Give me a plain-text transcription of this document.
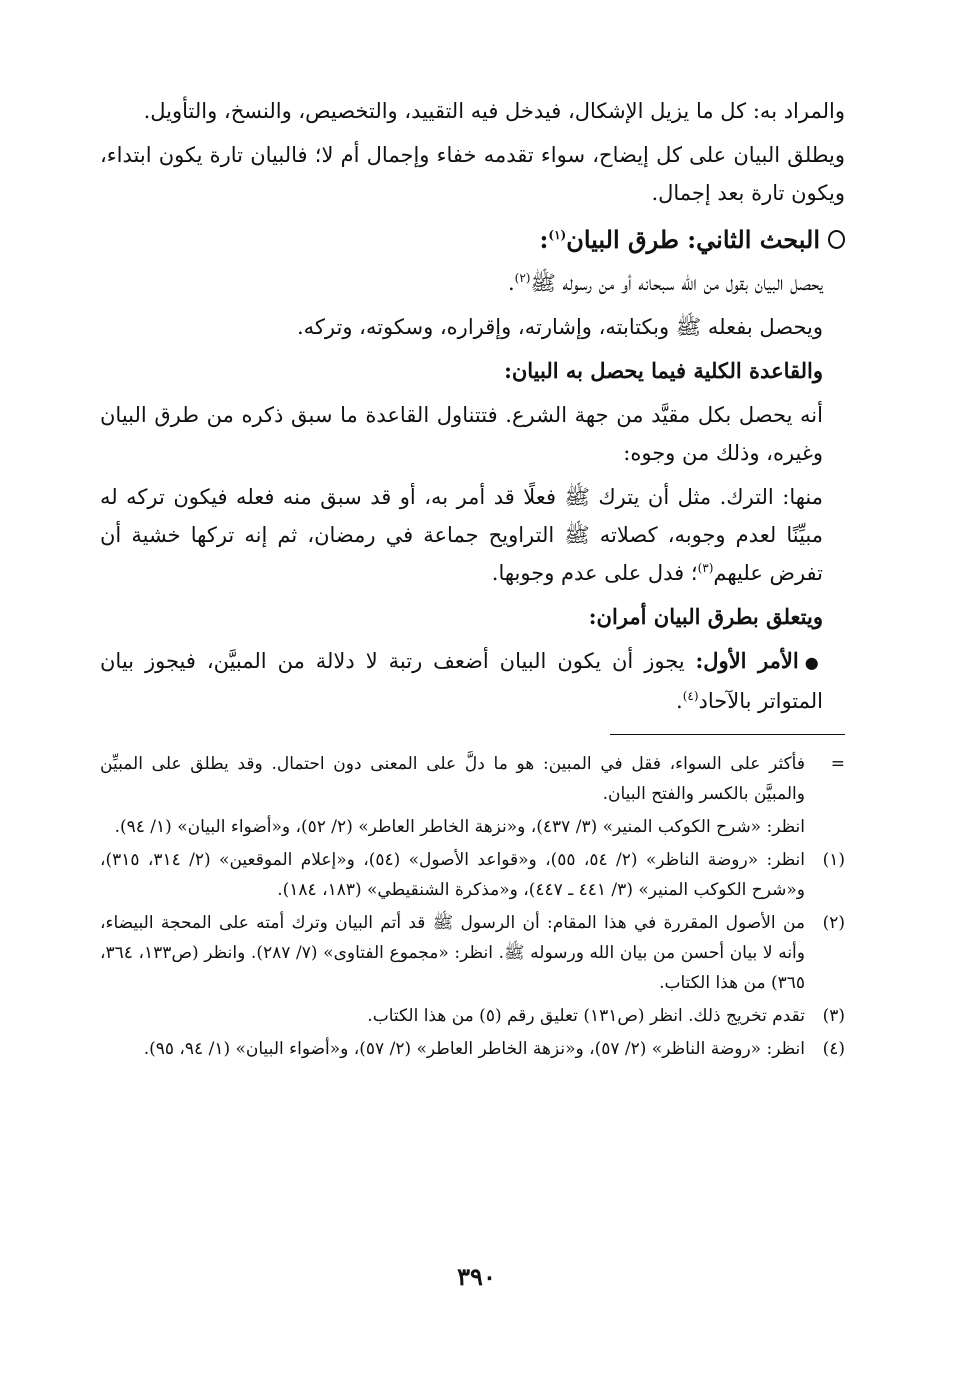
والمراد به: كل ما يزيل الإشكال، فيدخل فيه التقييد، والتخصيص، والنسخ، والتأويل.

ويطلق البيان على كل إيضاح، سواء تقدمه خفاء وإجمال أم لا؛ فالبيان تارة يكون ابتداء، ويكون تارة بعد إجمال.

البحث الثاني: طرق البيان$^{(١)}$:

يحصل البيان بقول من الله سبحانه أو من رسوله ﷺ$^{(٢)}$.

ويحصل بفعله ﷺ وبكتابته، وإشارته، وإقراره، وسكوته، وتركه.

والقاعدة الكلية فيما يحصل به البيان:

أنه يحصل بكل مقيَّد من جهة الشرع. فتتناول القاعدة ما سبق ذكره من طرق البيان وغيره، وذلك من وجوه:

منها: الترك. مثل أن يترك ﷺ فعلًا قد أمر به، أو قد سبق منه فعله فيكون تركه له مبيِّنًا لعدم وجوبه، كصلاته ﷺ التراويح جماعة في رمضان، ثم إنه تركها خشية أن تفرض عليهم$^{(٣)}$؛ فدل على عدم وجوبها.

ويتعلق بطرق البيان أمران:

●الأمر الأول: يجوز أن يكون البيان أضعف رتبة لا دلالة من المبيَّن، فيجوز بيان المتواتر بالآحاد$^{(٤)}$.

=
فأكثر على السواء، فقل في المبين: هو ما دلَّ على المعنى دون احتمال. وقد يطلق على المبيِّن والمبيَّن بالكسر والفتح البيان.
انظر: «شرح الكوكب المنير» (٣/ ٤٣٧)، و«نزهة الخاطر العاطر» (٢/ ٥٢)، و«أضواء البيان» (١/ ٩٤).
(١)
انظر: «روضة الناظر» (٢/ ٥٤، ٥٥)، و«قواعد الأصول» (٥٤)، و«إعلام الموقعين» (٢/ ٣١٤، ٣١٥)، و«شرح الكوكب المنير» (٣/ ٤٤١ ـ ٤٤٧)، و«مذكرة الشنقيطي» (١٨٣، ١٨٤).
(٢)
من الأصول المقررة في هذا المقام: أن الرسول ﷺ قد أتم البيان وترك أمته على المحجة البيضاء، وأنه لا بيان أحسن من بيان الله ورسوله ﷺ. انظر: «مجموع الفتاوى» (٧/ ٢٨٧). وانظر (ص١٣٣، ٣٦٤، ٣٦٥) من هذا الكتاب.
(٣)
تقدم تخريج ذلك. انظر (ص١٣١) تعليق رقم (٥) من هذا الكتاب.
(٤)
انظر: «روضة الناظر» (٢/ ٥٧)، و«نزهة الخاطر العاطر» (٢/ ٥٧)، و«أضواء البيان» (١/ ٩٤، ٩٥).
٣٩٠
